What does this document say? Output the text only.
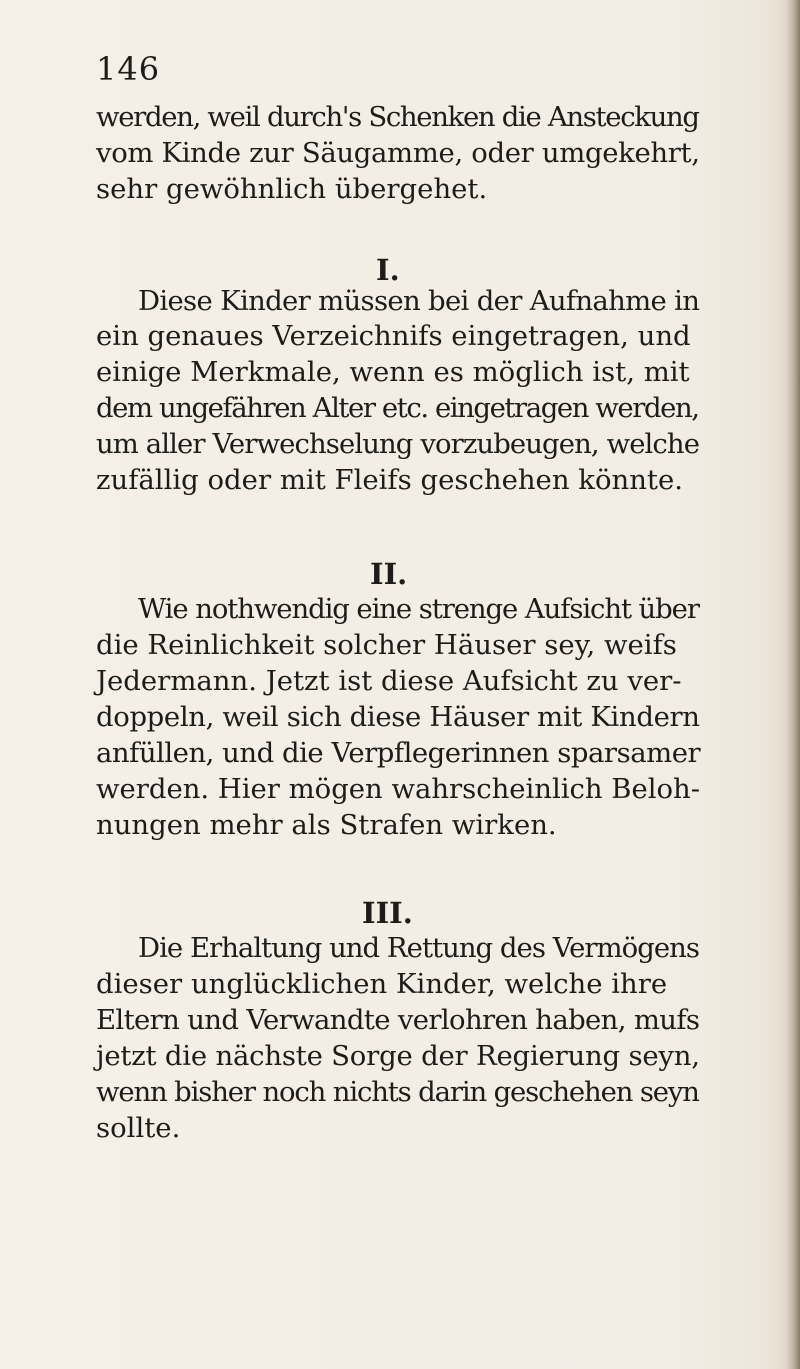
146
werden, weil durch's Schenken die Ansteckung
vom Kinde zur Säugamme, oder umgekehrt,
sehr gewöhnlich übergehet.
I.
Diese Kinder müssen bei der Aufnahme in
ein genaues Verzeichnifs eingetragen, und
einige Merkmale, wenn es möglich ist, mit
dem ungefähren Alter etc. eingetragen werden,
um aller Verwechselung vorzubeugen, welche
zufällig oder mit Fleifs geschehen könnte.
II.
Wie nothwendig eine strenge Aufsicht über
die Reinlichkeit solcher Häuser sey, weifs
Jedermann. Jetzt ist diese Aufsicht zu ver-
doppeln, weil sich diese Häuser mit Kindern
anfüllen, und die Verpflegerinnen sparsamer
werden. Hier mögen wahrscheinlich Beloh-
nungen mehr als Strafen wirken.
III.
Die Erhaltung und Rettung des Vermögens
dieser unglücklichen Kinder, welche ihre
Eltern und Verwandte verlohren haben, mufs
jetzt die nächste Sorge der Regierung seyn,
wenn bisher noch nichts darin geschehen seyn
sollte.
